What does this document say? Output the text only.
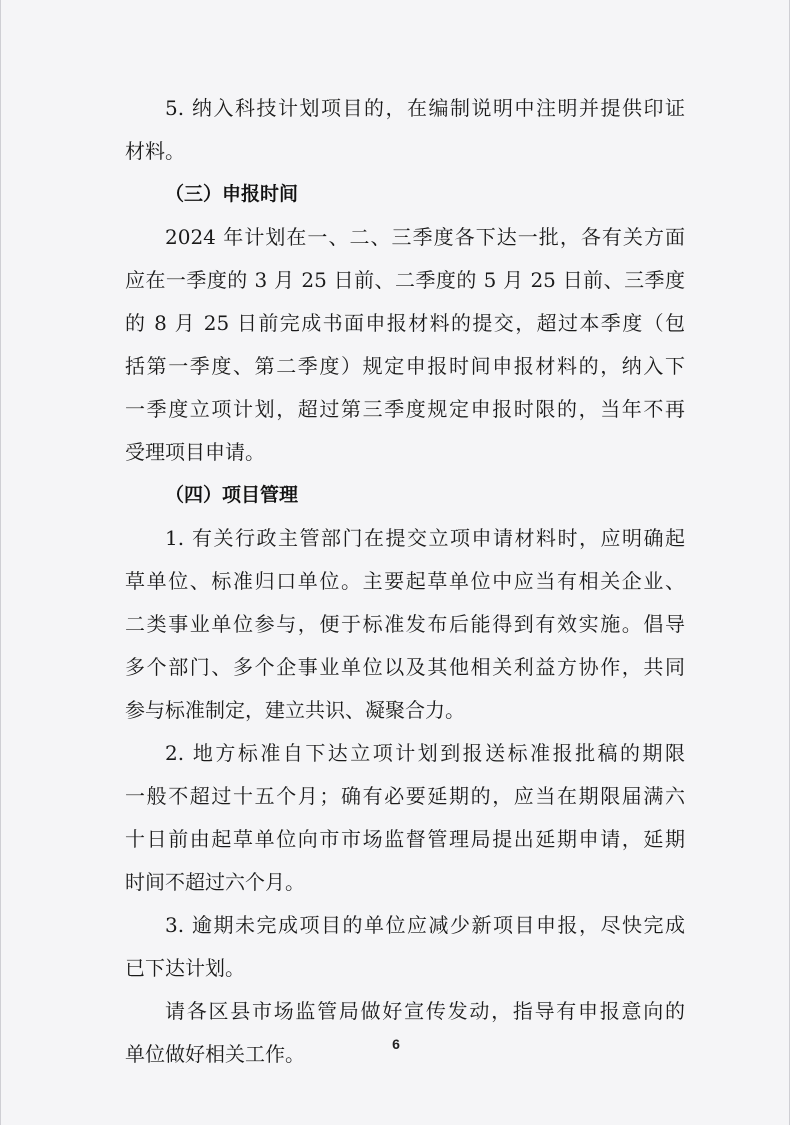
5. 纳入科技计划项目的，在编制说明中注明并提供印证
材料。
（三）申报时间
2024 年计划在一、二、三季度各下达一批，各有关方面
应在一季度的 3 月 25 日前、二季度的 5 月 25 日前、三季度
的 8 月 25 日前完成书面申报材料的提交，超过本季度（包
括第一季度、第二季度）规定申报时间申报材料的，纳入下
一季度立项计划，超过第三季度规定申报时限的，当年不再
受理项目申请。
（四）项目管理
1. 有关行政主管部门在提交立项申请材料时，应明确起
草单位、标准归口单位。主要起草单位中应当有相关企业、
二类事业单位参与，便于标准发布后能得到有效实施。倡导
多个部门、多个企事业单位以及其他相关利益方协作，共同
参与标准制定，建立共识、凝聚合力。
2. 地方标准自下达立项计划到报送标准报批稿的期限
一般不超过十五个月；确有必要延期的，应当在期限届满六
十日前由起草单位向市市场监督管理局提出延期申请，延期
时间不超过六个月。
3. 逾期未完成项目的单位应减少新项目申报，尽快完成
已下达计划。
请各区县市场监管局做好宣传发动，指导有申报意向的
单位做好相关工作。	6
